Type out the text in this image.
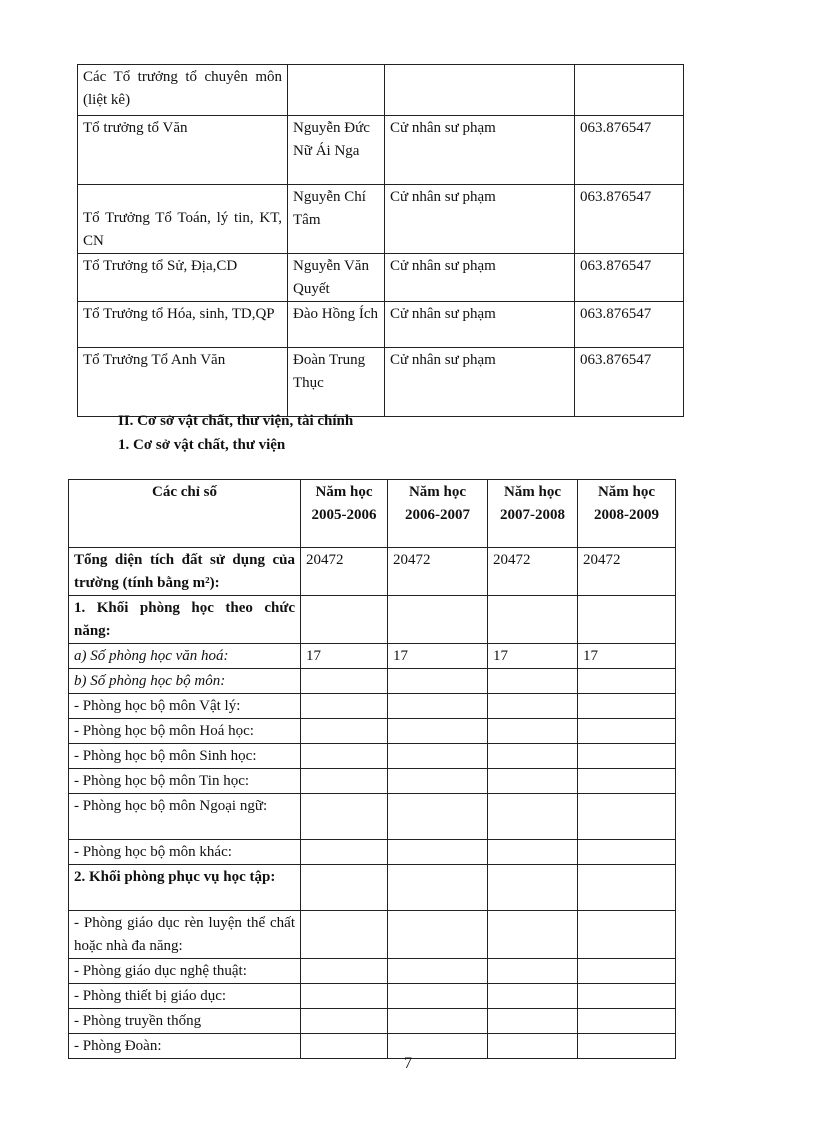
Các Tổ trưởng tổ chuyên môn (liệt kê)			
Tổ trưởng tổ Văn	Nguyễn Đức Nữ Ái Nga	Cử nhân sư phạm	063.876547
Tổ Trưởng Tổ Toán, lý tin, KT, CN	Nguyễn Chí Tâm	Cử nhân sư phạm	063.876547
Tổ Trưởng tổ Sử, Địa,CD	Nguyễn Văn Quyết	Cử nhân sư phạm	063.876547
Tổ Trưởng tổ Hóa, sinh, TD,QP	Đào Hồng Ích	Cử nhân sư phạm	063.876547
Tổ Trưởng Tổ Anh Văn	Đoàn Trung Thục	Cử nhân sư phạm	063.876547
II. Cơ sở vật chất, thư viện, tài chính
1. Cơ sở vật chất, thư viện
Các chỉ số	Năm học 2005-2006	Năm học 2006-2007	Năm học 2007-2008	Năm học 2008-2009
Tổng diện tích đất sử dụng của trường (tính bằng m²):	20472	20472	20472	20472
1. Khối phòng học theo chức năng:				
a) Số phòng học văn hoá:	17	17	17	17
b) Số phòng học bộ môn:				
- Phòng học bộ môn Vật lý:				
- Phòng học bộ môn Hoá học:				
- Phòng học bộ môn Sinh học:				
- Phòng học bộ môn Tin học:				
- Phòng học bộ môn Ngoại ngữ:				
- Phòng học bộ môn khác:				
2. Khối phòng phục vụ học tập:				
- Phòng giáo dục rèn luyện thể chất hoặc nhà đa năng:				
- Phòng giáo dục nghệ thuật:				
- Phòng thiết bị giáo dục:				
- Phòng truyền thống				
- Phòng Đoàn:				
7
